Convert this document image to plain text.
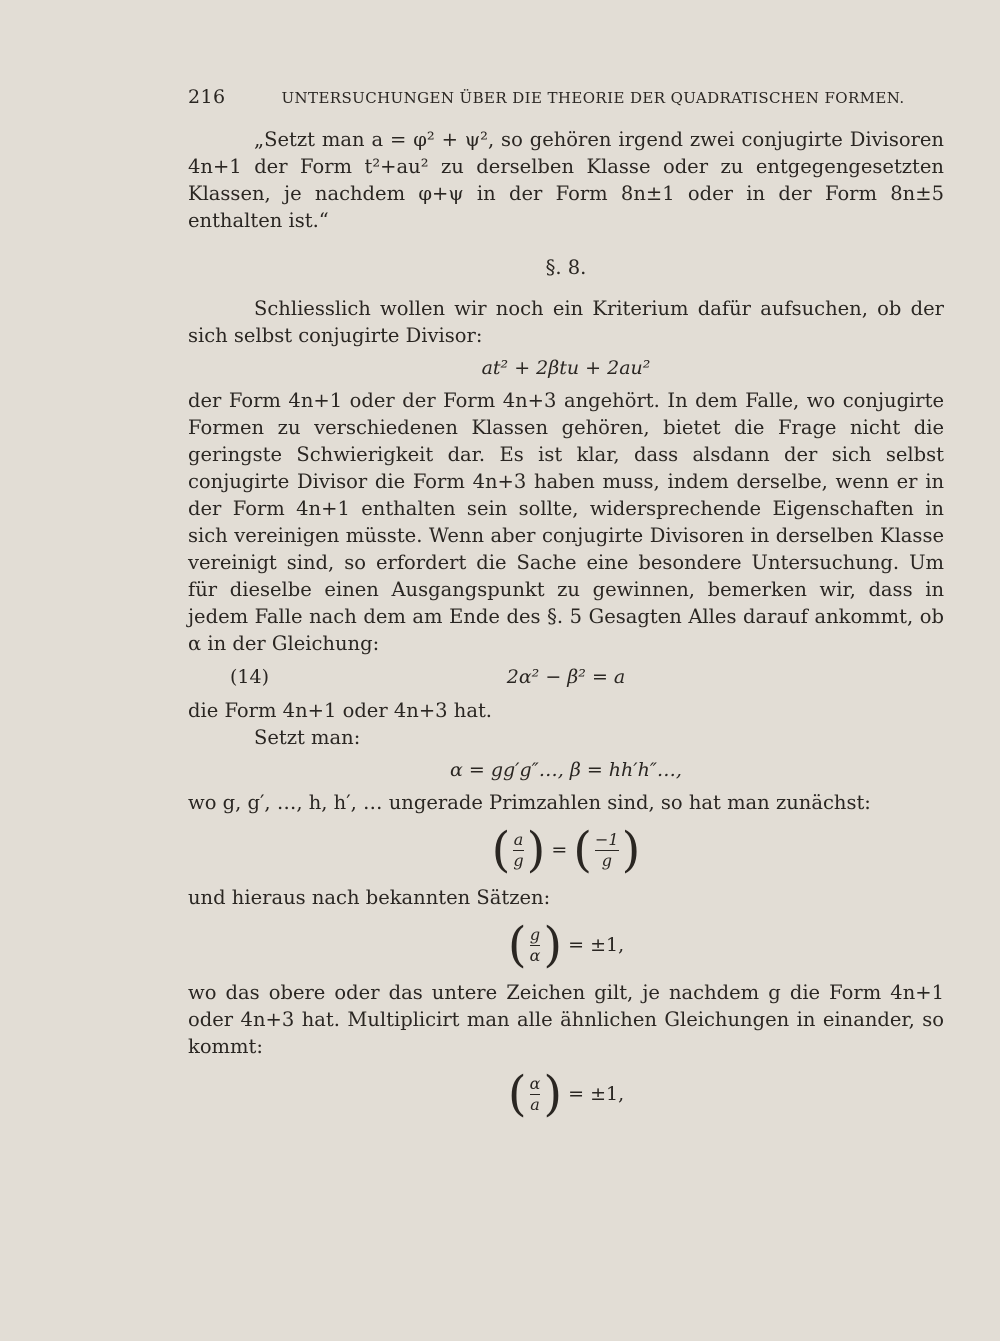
216	UNTERSUCHUNGEN ÜBER DIE THEORIE DER QUADRATISCHEN FORMEN.

„Setzt man a = φ² + ψ², so gehören irgend zwei conjugirte Divisoren 4n+1 der Form t²+au² zu derselben Klasse oder zu entgegengesetzten Klassen, je nachdem φ+ψ in der Form 8n±1 oder in der Form 8n±5 enthalten ist.“

§. 8.

Schliesslich wollen wir noch ein Kriterium dafür aufsuchen, ob der sich selbst conjugirte Divisor:

at² + 2βtu + 2au²

der Form 4n+1 oder der Form 4n+3 angehört. In dem Falle, wo conjugirte Formen zu verschiedenen Klassen gehören, bietet die Frage nicht die geringste Schwierigkeit dar. Es ist klar, dass alsdann der sich selbst conjugirte Divisor die Form 4n+3 haben muss, indem derselbe, wenn er in der Form 4n+1 enthalten sein sollte, widersprechende Eigenschaften in sich vereinigen müsste. Wenn aber conjugirte Divisoren in derselben Klasse vereinigt sind, so erfordert die Sache eine besondere Untersuchung. Um für dieselbe einen Ausgangspunkt zu gewinnen, bemerken wir, dass in jedem Falle nach dem am Ende des §. 5 Gesagten Alles darauf ankommt, ob α in der Gleichung:

(14)	2α² − β² = a

die Form 4n+1 oder 4n+3 hat.

Setzt man:

α = gg′g″…, β = hh′h″…,

wo g, g′, …, h, h′, … ungerade Primzahlen sind, so hat man zunächst:

( $\frac{a}{g}$ ) = ( $\frac{-1}{g}$ )

und hieraus nach bekannten Sätzen:

( $\frac{g}{\alpha}$ ) = ±1,

wo das obere oder das untere Zeichen gilt, je nachdem g die Form 4n+1 oder 4n+3 hat. Multiplicirt man alle ähnlichen Gleichungen in einander, so kommt:

( $\frac{\alpha}{a}$ ) = ±1,
